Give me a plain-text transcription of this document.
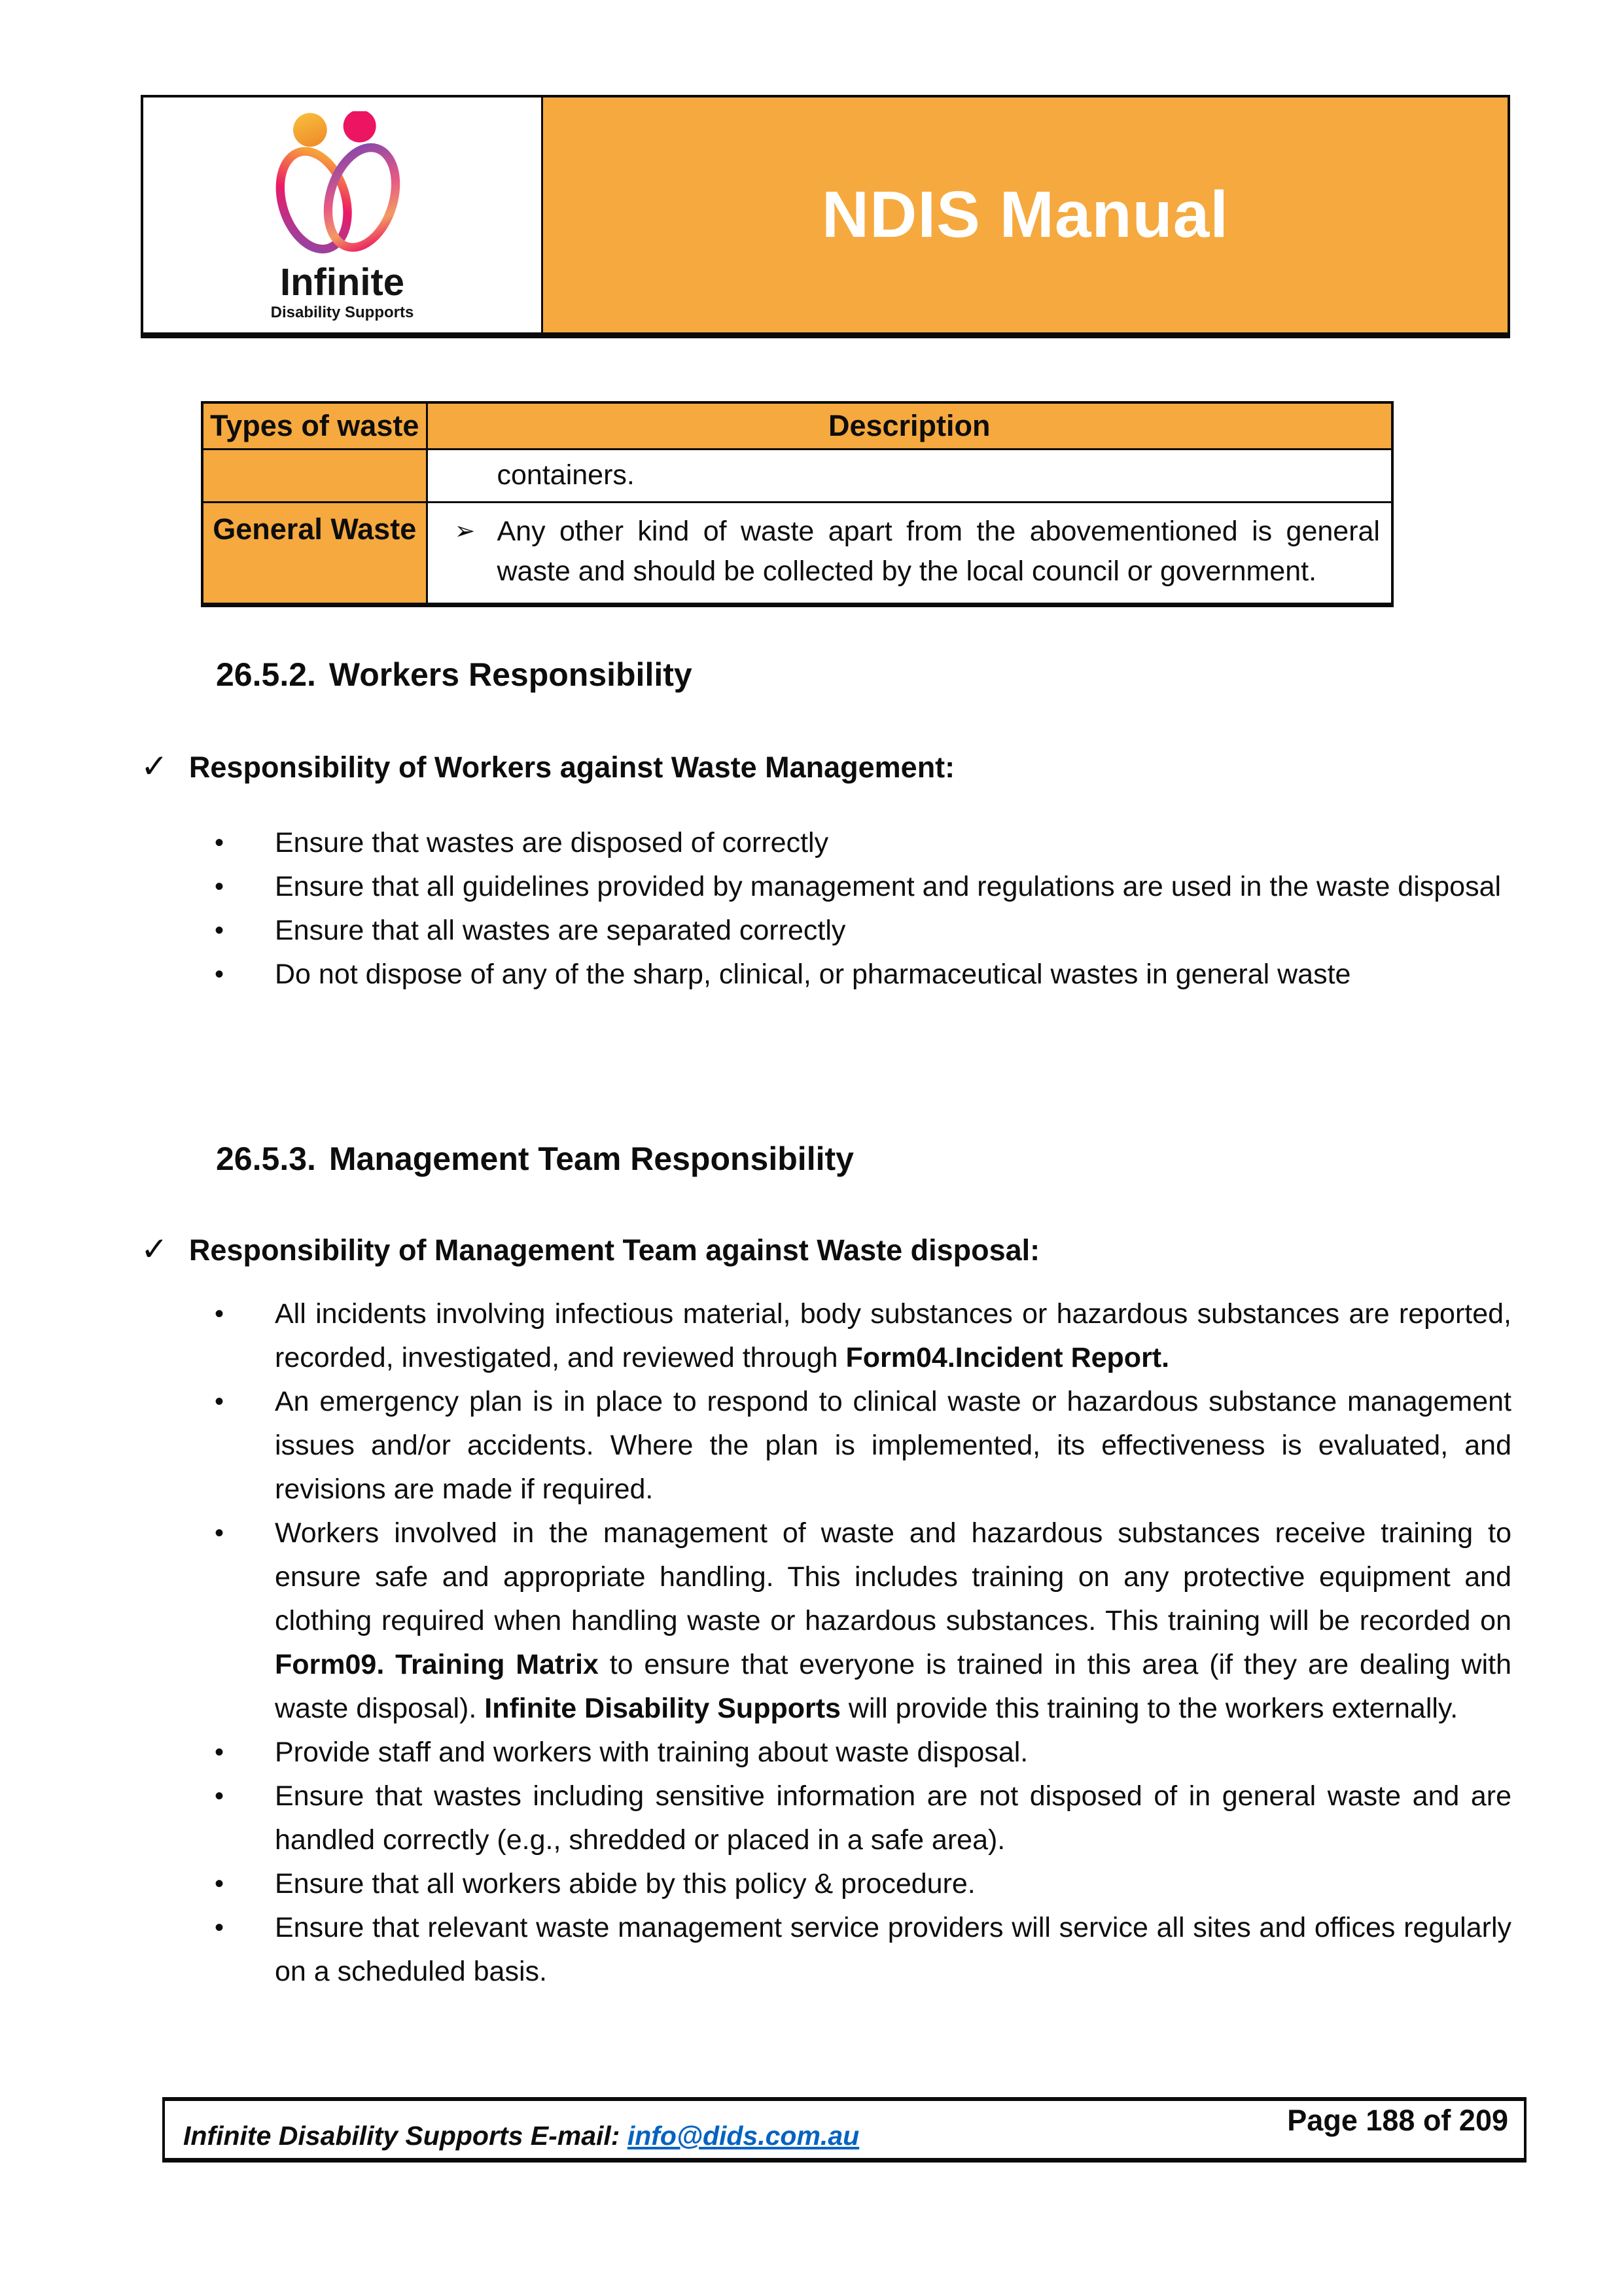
Infinite
Disability Supports
NDIS Manual
Types of waste	Description

	containers.

General Waste	➢ Any other kind of waste apart from the abovementioned is general waste and should be collected by the local council or government.
26.5.2. Workers Responsibility
✓ Responsibility of Workers against Waste Management:
• Ensure that wastes are disposed of correctly
• Ensure that all guidelines provided by management and regulations are used in the waste disposal
• Ensure that all wastes are separated correctly
• Do not dispose of any of the sharp, clinical, or pharmaceutical wastes in general waste
26.5.3. Management Team Responsibility
✓ Responsibility of Management Team against Waste disposal:
• All incidents involving infectious material, body substances or hazardous substances are reported, recorded, investigated, and reviewed through Form04.Incident Report.
• An emergency plan is in place to respond to clinical waste or hazardous substance management issues and/or accidents. Where the plan is implemented, its effectiveness is evaluated, and revisions are made if required.
• Workers involved in the management of waste and hazardous substances receive training to ensure safe and appropriate handling. This includes training on any protective equipment and clothing required when handling waste or hazardous substances. This training will be recorded on Form09. Training Matrix to ensure that everyone is trained in this area (if they are dealing with waste disposal). Infinite Disability Supports will provide this training to the workers externally.
• Provide staff and workers with training about waste disposal.
• Ensure that wastes including sensitive information are not disposed of in general waste and are handled correctly (e.g., shredded or placed in a safe area).
• Ensure that all workers abide by this policy & procedure.
• Ensure that relevant waste management service providers will service all sites and offices regularly on a scheduled basis.
Page 188 of 209
Infinite Disability Supports E-mail: info@dids.com.au
